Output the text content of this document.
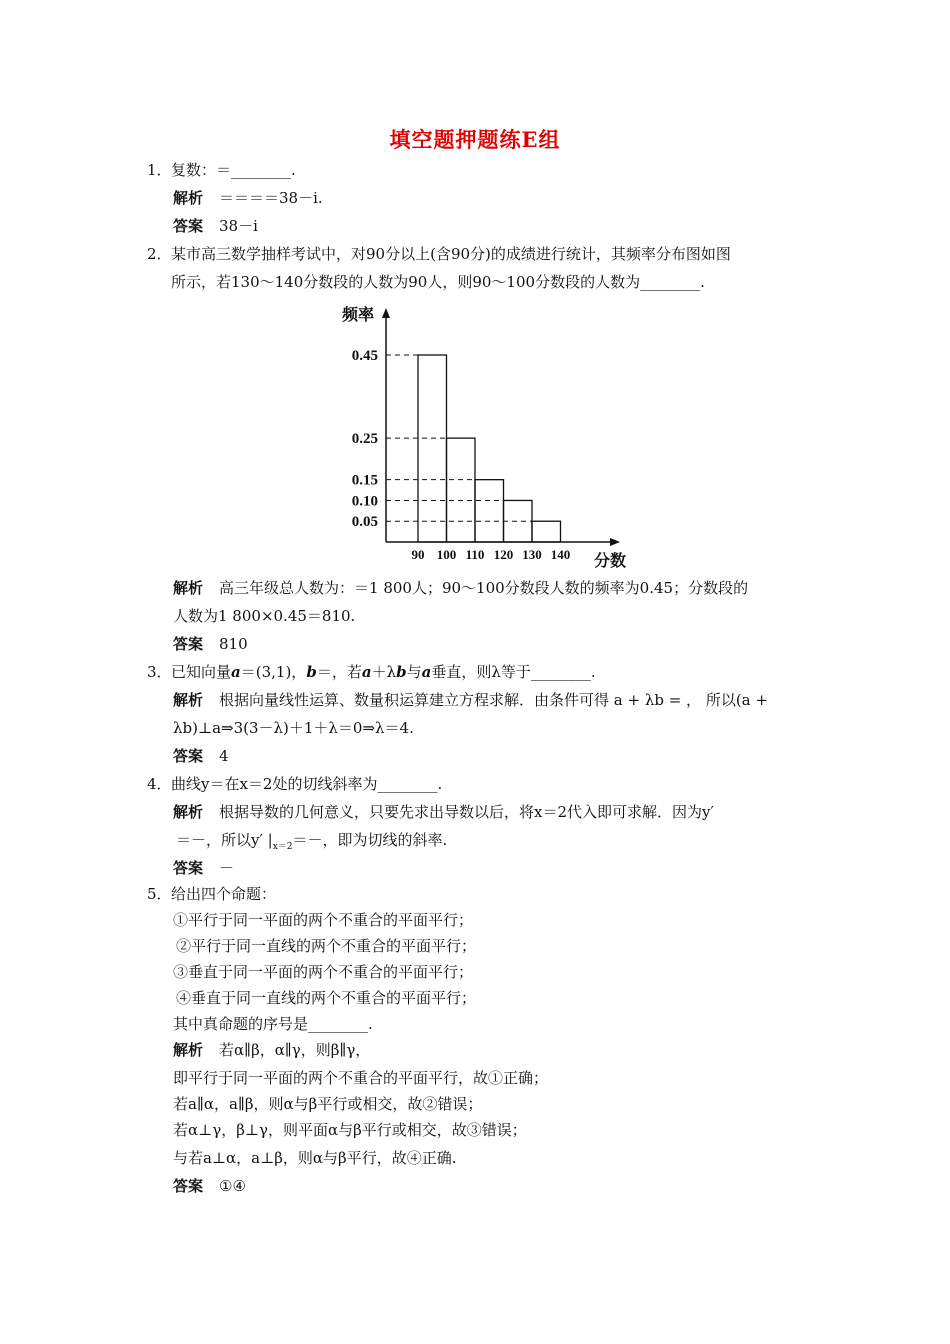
填空题押题练E组
1． 复数：＝________.
解析 ＝＝＝＝38－i.
答案 38－i
2． 某市高三数学抽样考试中，对90分以上(含90分)的成绩进行统计，其频率分布图如图
所示，若130～140分数段的人数为90人，则90～100分数段的人数为________.
0.05
0.10
0.15
0.25
0.45
90 100 110 120 130 140
频率
分数
解析 高三年级总人数为：＝1 800人；90～100分数段人数的频率为0.45；分数段的
人数为1 800×0.45＝810.
答案 810
3． 已知向量a＝(3,1)，b＝，若a＋λb与a垂直，则λ等于________.
解析 根据向量线性运算、数量积运算建立方程求解．由条件可得 a + λb = ， 所以(a +
λb)⊥a⇒3(3－λ)＋1＋λ＝0⇒λ＝4.
答案 4
4． 曲线y＝在x＝2处的切线斜率为________.
解析 根据导数的几何意义，只要先求出导数以后，将x＝2代入即可求解．因为y′
＝－，所以y′ $|_{x=2}=-$，即为切线的斜率.
答案 －
5． 给出四个命题：
①平行于同一平面的两个不重合的平面平行；
②平行于同一直线的两个不重合的平面平行；
③垂直于同一平面的两个不重合的平面平行；
④垂直于同一直线的两个不重合的平面平行；
其中真命题的序号是________.
解析 若α∥β，α∥γ，则β∥γ，
即平行于同一平面的两个不重合的平面平行，故①正确；
若a∥α，a∥β，则α与β平行或相交，故②错误；
若α⊥γ，β⊥γ，则平面α与β平行或相交，故③错误；
与若a⊥α，a⊥β，则α与β平行，故④正确.
答案 ①④
